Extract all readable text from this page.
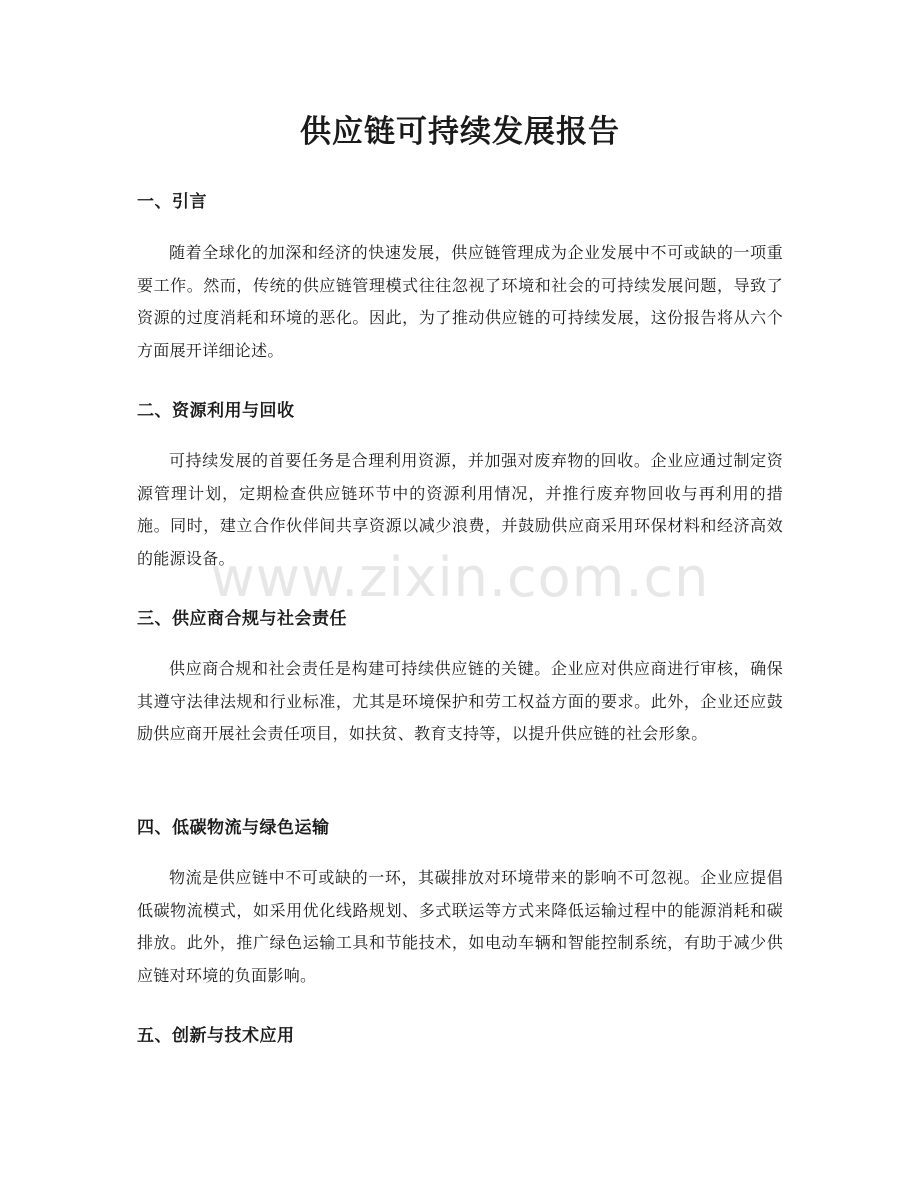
供应链可持续发展报告
一、引言

随着全球化的加深和经济的快速发展，供应链管理成为企业发展中不可或缺的一项重要工作。然而，传统的供应链管理模式往往忽视了环境和社会的可持续发展问题，导致了资源的过度消耗和环境的恶化。因此，为了推动供应链的可持续发展，这份报告将从六个方面展开详细论述。

二、资源利用与回收

可持续发展的首要任务是合理利用资源，并加强对废弃物的回收。企业应通过制定资源管理计划，定期检查供应链环节中的资源利用情况，并推行废弃物回收与再利用的措施。同时，建立合作伙伴间共享资源以减少浪费，并鼓励供应商采用环保材料和经济高效的能源设备。

三、供应商合规与社会责任

供应商合规和社会责任是构建可持续供应链的关键。企业应对供应商进行审核，确保其遵守法律法规和行业标准，尤其是环境保护和劳工权益方面的要求。此外，企业还应鼓励供应商开展社会责任项目，如扶贫、教育支持等，以提升供应链的社会形象。

四、低碳物流与绿色运输

物流是供应链中不可或缺的一环，其碳排放对环境带来的影响不可忽视。企业应提倡低碳物流模式，如采用优化线路规划、多式联运等方式来降低运输过程中的能源消耗和碳排放。此外，推广绿色运输工具和节能技术，如电动车辆和智能控制系统，有助于减少供应链对环境的负面影响。

五、创新与技术应用

www.zixin.com.cn
